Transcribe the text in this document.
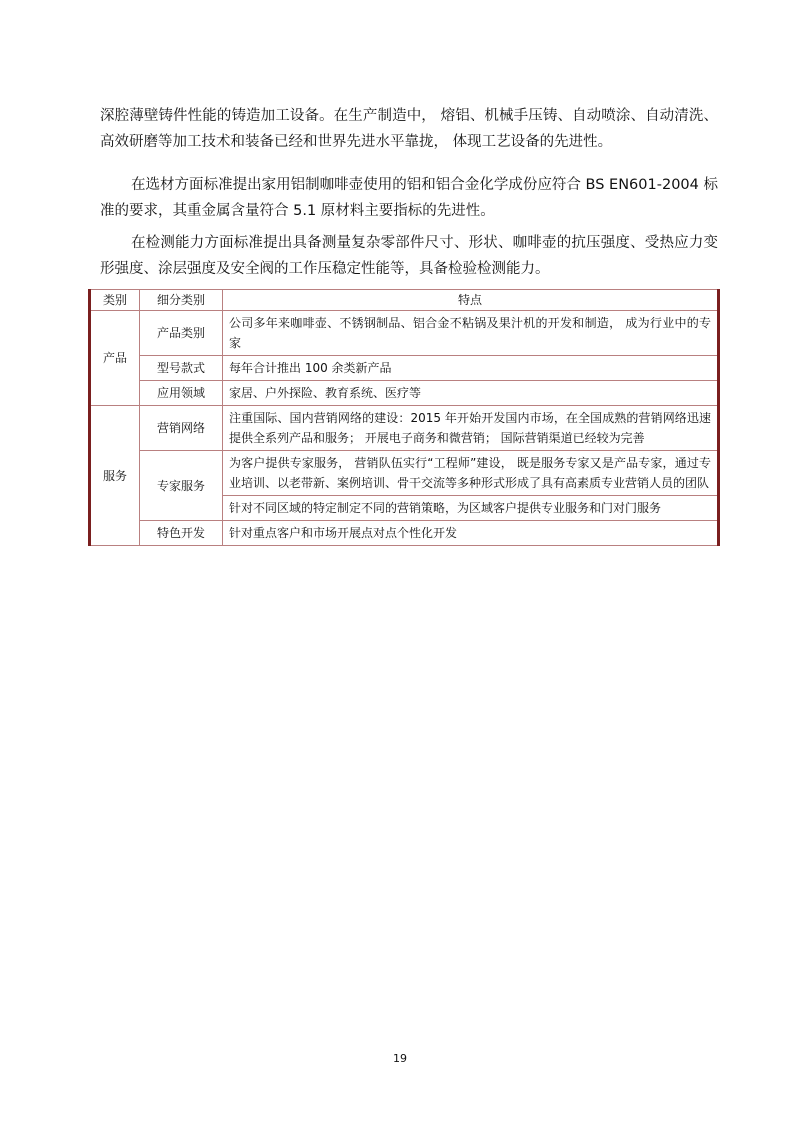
深腔薄壁铸件性能的铸造加工设备。在生产制造中， 熔铝、机械手压铸、自动喷涂、自动清洗、高效研磨等加工技术和装备已经和世界先进水平靠拢， 体现工艺设备的先进性。

在选材方面标准提出家用铝制咖啡壶使用的铝和铝合金化学成份应符合 BS EN601-2004 标准的要求，其重金属含量符合 5.1 原材料主要指标的先进性。

在检测能力方面标准提出具备测量复杂零部件尺寸、形状、咖啡壶的抗压强度、受热应力变形强度、涂层强度及安全阀的工作压稳定性能等，具备检验检测能力。

类别	细分类别	特点
产品	产品类别	公司多年来咖啡壶、不锈钢制品、铝合金不粘锅及果汁机的开发和制造， 成为行业中的专家
	型号款式	每年合计推出 100 余类新产品
	应用领域	家居、户外探险、教育系统、医疗等
服务	营销网络	注重国际、国内营销网络的建设：2015 年开始开发国内市场，在全国成熟的营销网络迅速提供全系列产品和服务； 开展电子商务和微营销； 国际营销渠道已经较为完善
	专家服务	为客户提供专家服务， 营销队伍实行“工程师”建设， 既是服务专家又是产品专家，通过专业培训、以老带新、案例培训、骨干交流等多种形式形成了具有高素质专业营销人员的团队
		针对不同区域的特定制定不同的营销策略，为区域客户提供专业服务和门对门服务
	特色开发	针对重点客户和市场开展点对点个性化开发
19
